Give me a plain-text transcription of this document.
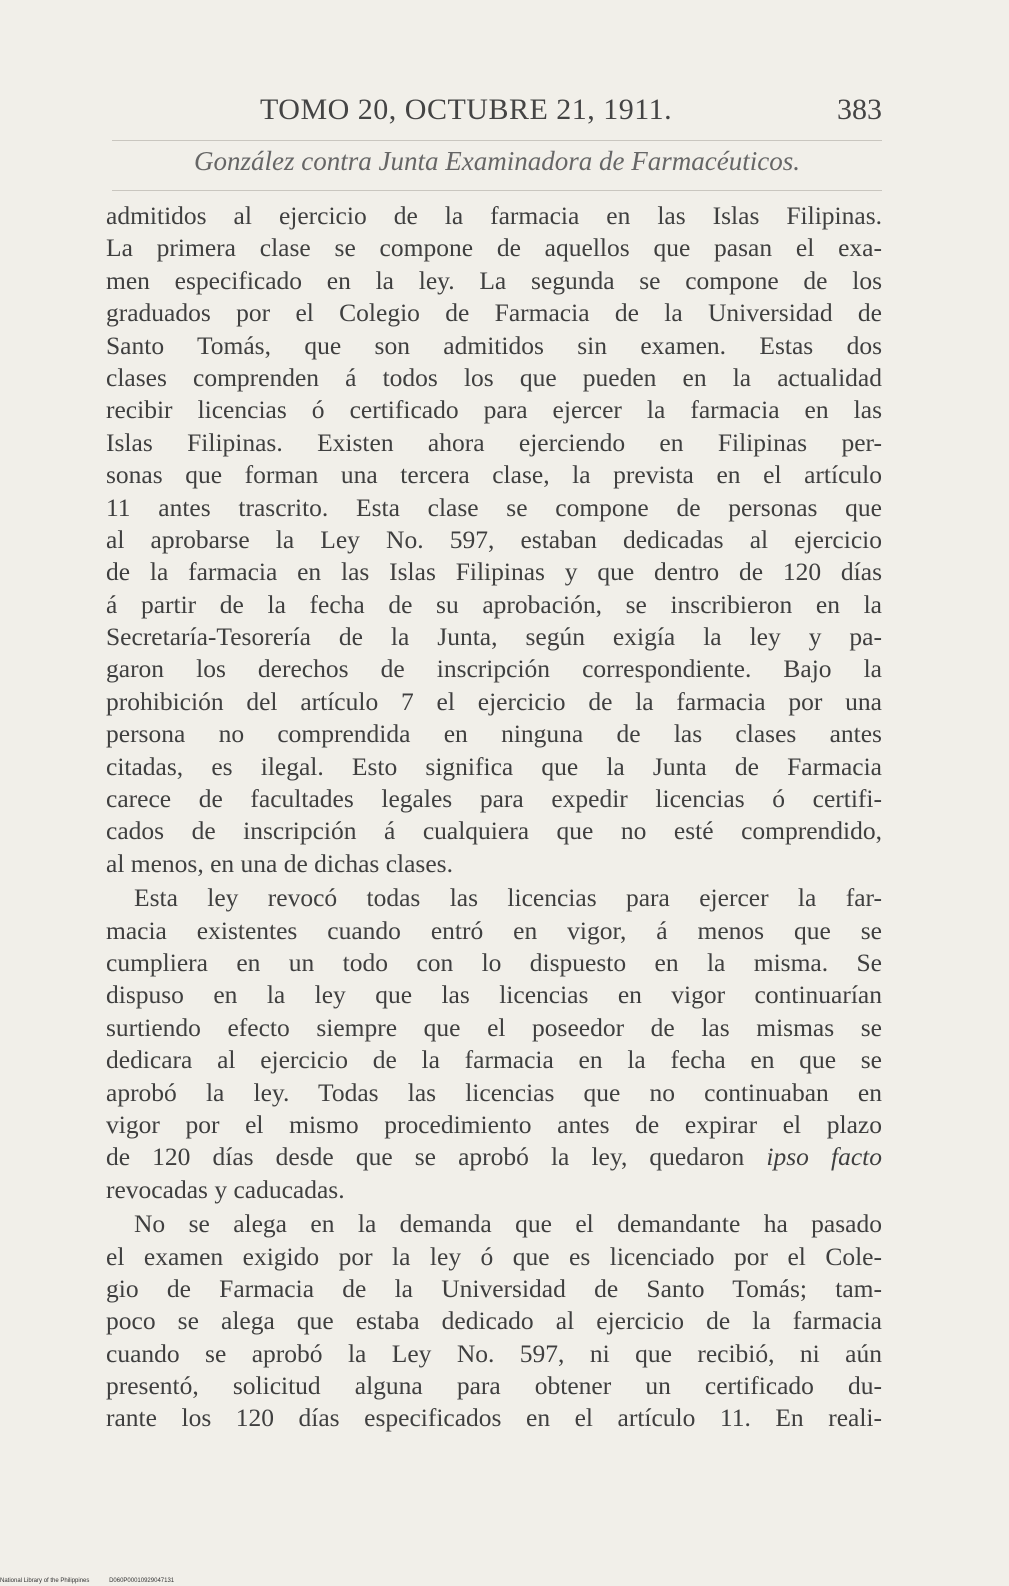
TOMO 20, OCTUBRE 21, 1911.	383
González contra Junta Examinadora de Farmacéuticos.
admitidos al ejercicio de la farmacia en las Islas Filipinas.
La primera clase se compone de aquellos que pasan el exa-
men especificado en la ley. La segunda se compone de los
graduados por el Colegio de Farmacia de la Universidad de
Santo Tomás, que son admitidos sin examen. Estas dos
clases comprenden á todos los que pueden en la actualidad
recibir licencias ó certificado para ejercer la farmacia en las
Islas Filipinas. Existen ahora ejerciendo en Filipinas per-
sonas que forman una tercera clase, la prevista en el artículo
11 antes trascrito. Esta clase se compone de personas que
al aprobarse la Ley No. 597, estaban dedicadas al ejercicio
de la farmacia en las Islas Filipinas y que dentro de 120 días
á partir de la fecha de su aprobación, se inscribieron en la
Secretaría-Tesorería de la Junta, según exigía la ley y pa-
garon los derechos de inscripción correspondiente. Bajo la
prohibición del artículo 7 el ejercicio de la farmacia por una
persona no comprendida en ninguna de las clases antes
citadas, es ilegal. Esto significa que la Junta de Farmacia
carece de facultades legales para expedir licencias ó certifi-
cados de inscripción á cualquiera que no esté comprendido,
al menos, en una de dichas clases.
Esta ley revocó todas las licencias para ejercer la far-
macia existentes cuando entró en vigor, á menos que se
cumpliera en un todo con lo dispuesto en la misma. Se
dispuso en la ley que las licencias en vigor continuarían
surtiendo efecto siempre que el poseedor de las mismas se
dedicara al ejercicio de la farmacia en la fecha en que se
aprobó la ley. Todas las licencias que no continuaban en
vigor por el mismo procedimiento antes de expirar el plazo
de 120 días desde que se aprobó la ley, quedaron ipso facto
revocadas y caducadas.
No se alega en la demanda que el demandante ha pasado
el examen exigido por la ley ó que es licenciado por el Cole-
gio de Farmacia de la Universidad de Santo Tomás; tam-
poco se alega que estaba dedicado al ejercicio de la farmacia
cuando se aprobó la Ley No. 597, ni que recibió, ni aún
presentó, solicitud alguna para obtener un certificado du-
rante los 120 días especificados en el artículo 11. En reali-
National Library of the Philippines	D060P00010929047131
